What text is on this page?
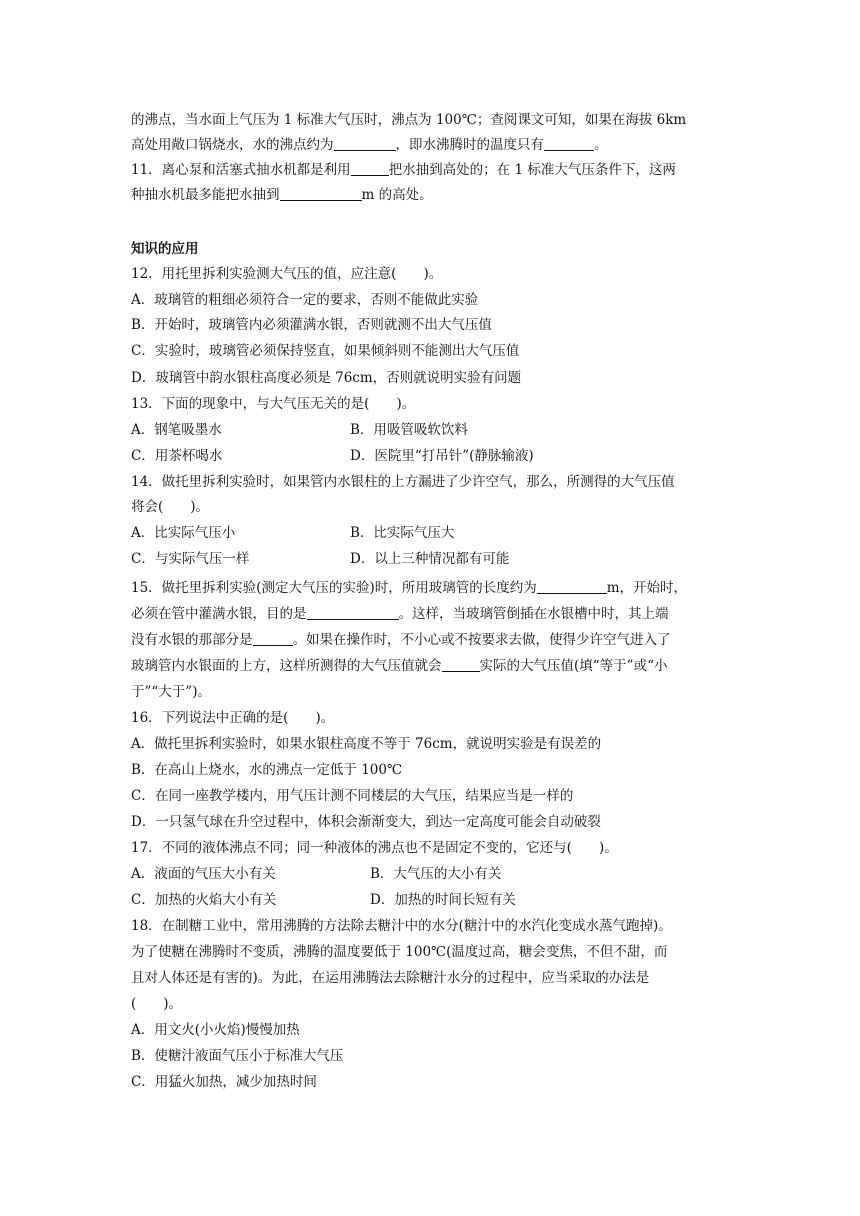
的沸点，当水面上气压为 1 标准大气压时，沸点为 100℃；查阅课文可知，如果在海拔 6km
高处用敞口锅烧水，水的沸点约为	，即水沸腾时的温度只有	。
11．离心泵和活塞式抽水机都是利用	把水抽到高处的；在 1 标准大气压条件下，这两
种抽水机最多能把水抽到	m 的高处。
知识的应用
12．用托里拆利实验测大气压的值，应注意(　　)。
A．玻璃管的粗细必须符合一定的要求，否则不能做此实验
B．开始时，玻璃管内必须灌满水银，否则就测不出大气压值
C．实验时，玻璃管必须保持竖直，如果倾斜则不能测出大气压值
D．玻璃管中韵水银柱高度必须是 76cm，否则就说明实验有问题
13．下面的现象中，与大气压无关的是(　　)。
A．钢笔吸墨水	B．用吸管吸软饮料
C．用茶杯喝水	D．医院里“打吊针”(静脉输液)
14．做托里拆利实验时，如果管内水银柱的上方漏进了少许空气，那么，所测得的大气压值
将会(　　)。
A．比实际气压小	B．比实际气压大
C．与实际气压一样	D．以上三种情况都有可能
15．做托里拆利实验(测定大气压的实验)时，所用玻璃管的长度约为	m，开始时，
必须在管中灌满水银，目的是	。这样，当玻璃管倒插在水银槽中时，其上端
没有水银的那部分是	。如果在操作时，不小心或不按要求去做，使得少许空气进入了
玻璃管内水银面的上方，这样所测得的大气压值就会	实际的大气压值(填“等于”或“小
于”“大于”)。
16．下列说法中正确的是(　　)。
A．做托里拆利实验时，如果水银柱高度不等于 76cm，就说明实验是有误差的
B．在高山上烧水，水的沸点一定低于 100℃
C．在同一座教学楼内，用气压计测不同楼层的大气压，结果应当是一样的
D．一只氢气球在升空过程中，体积会渐渐变大，到达一定高度可能会自动破裂
17．不同的液体沸点不同；同一种液体的沸点也不是固定不变的，它还与(　　)。
A．液面的气压大小有关	B．大气压的大小有关
C．加热的火焰大小有关	D．加热的时间长短有关
18．在制糖工业中，常用沸腾的方法除去糖汁中的水分(糖汁中的水汽化变成水蒸气跑掉)。
为了使糖在沸腾时不变质，沸腾的温度要低于 100℃(温度过高，糖会变焦，不但不甜，而
且对人体还是有害的)。为此，在运用沸腾法去除糖汁水分的过程中，应当采取的办法是
(　　)。
A．用文火(小火焰)慢慢加热
B．使糖汁液面气压小于标准大气压
C．用猛火加热，减少加热时间
